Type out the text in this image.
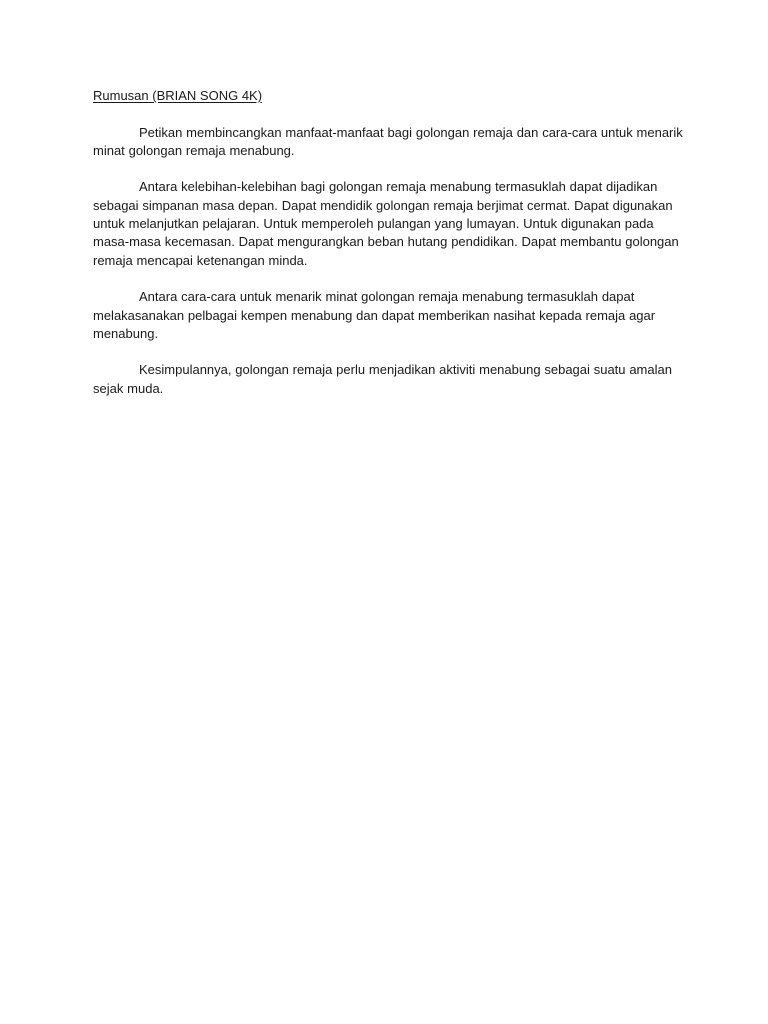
Rumusan (BRIAN SONG 4K)

Petikan membincangkan manfaat-manfaat bagi golongan remaja dan cara-cara untuk menarik minat golongan remaja menabung.

Antara kelebihan-kelebihan bagi golongan remaja menabung termasuklah dapat dijadikan sebagai simpanan masa depan. Dapat mendidik golongan remaja berjimat cermat. Dapat digunakan untuk melanjutkan pelajaran. Untuk memperoleh pulangan yang lumayan. Untuk digunakan pada masa-masa kecemasan. Dapat mengurangkan beban hutang pendidikan. Dapat membantu golongan remaja mencapai ketenangan minda.

Antara cara-cara untuk menarik minat golongan remaja menabung termasuklah dapat melakasanakan pelbagai kempen menabung dan dapat memberikan nasihat kepada remaja agar menabung.

Kesimpulannya, golongan remaja perlu menjadikan aktiviti menabung sebagai suatu amalan sejak muda.
